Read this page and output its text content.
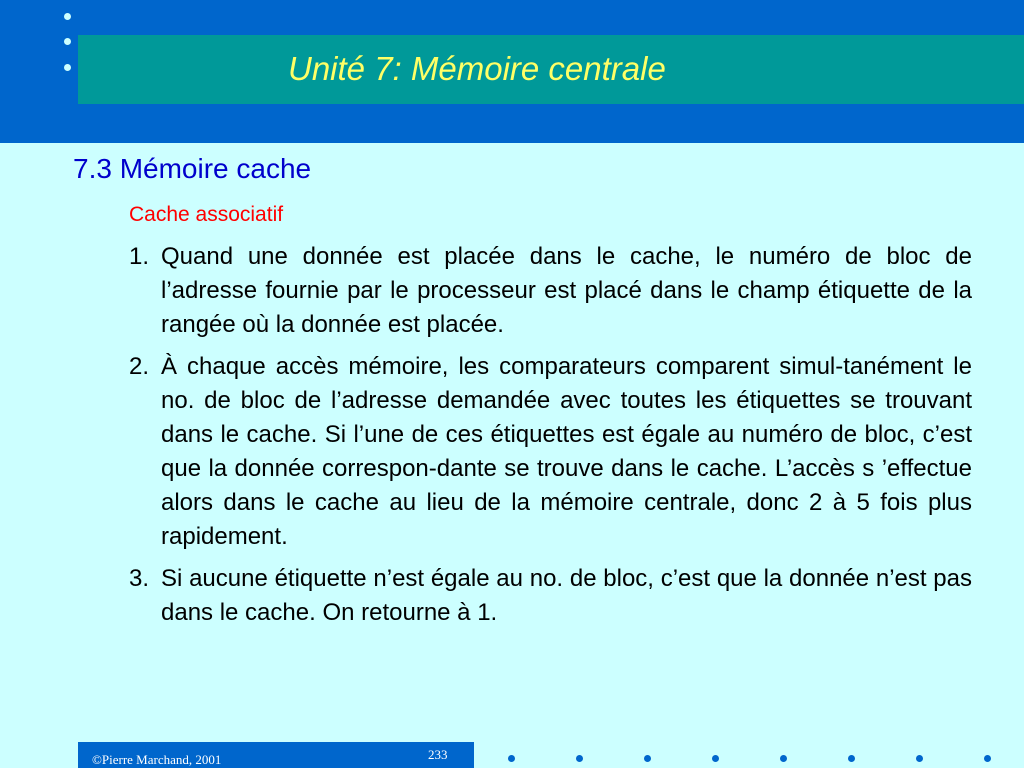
Unité 7: Mémoire centrale
7.3 Mémoire cache
Cache associatif
1. Quand une donnée est placée dans le cache, le numéro de bloc de l’adresse fournie par le processeur est placé dans le champ étiquette de la rangée où la donnée est placée.
2. À chaque accès mémoire, les comparateurs comparent simul-tanément le no. de bloc de l’adresse demandée avec toutes les étiquettes se trouvant dans le cache. Si l’une de ces étiquettes est égale au numéro de bloc, c’est que la donnée correspon-dante se trouve dans le cache. L’accès s ’effectue alors dans le cache au lieu de la mémoire centrale, donc 2 à 5 fois plus rapidement.
3. Si aucune étiquette n’est égale au no. de bloc, c’est que la donnée n’est pas dans le cache. On retourne à 1.
©Pierre Marchand, 2001	233
